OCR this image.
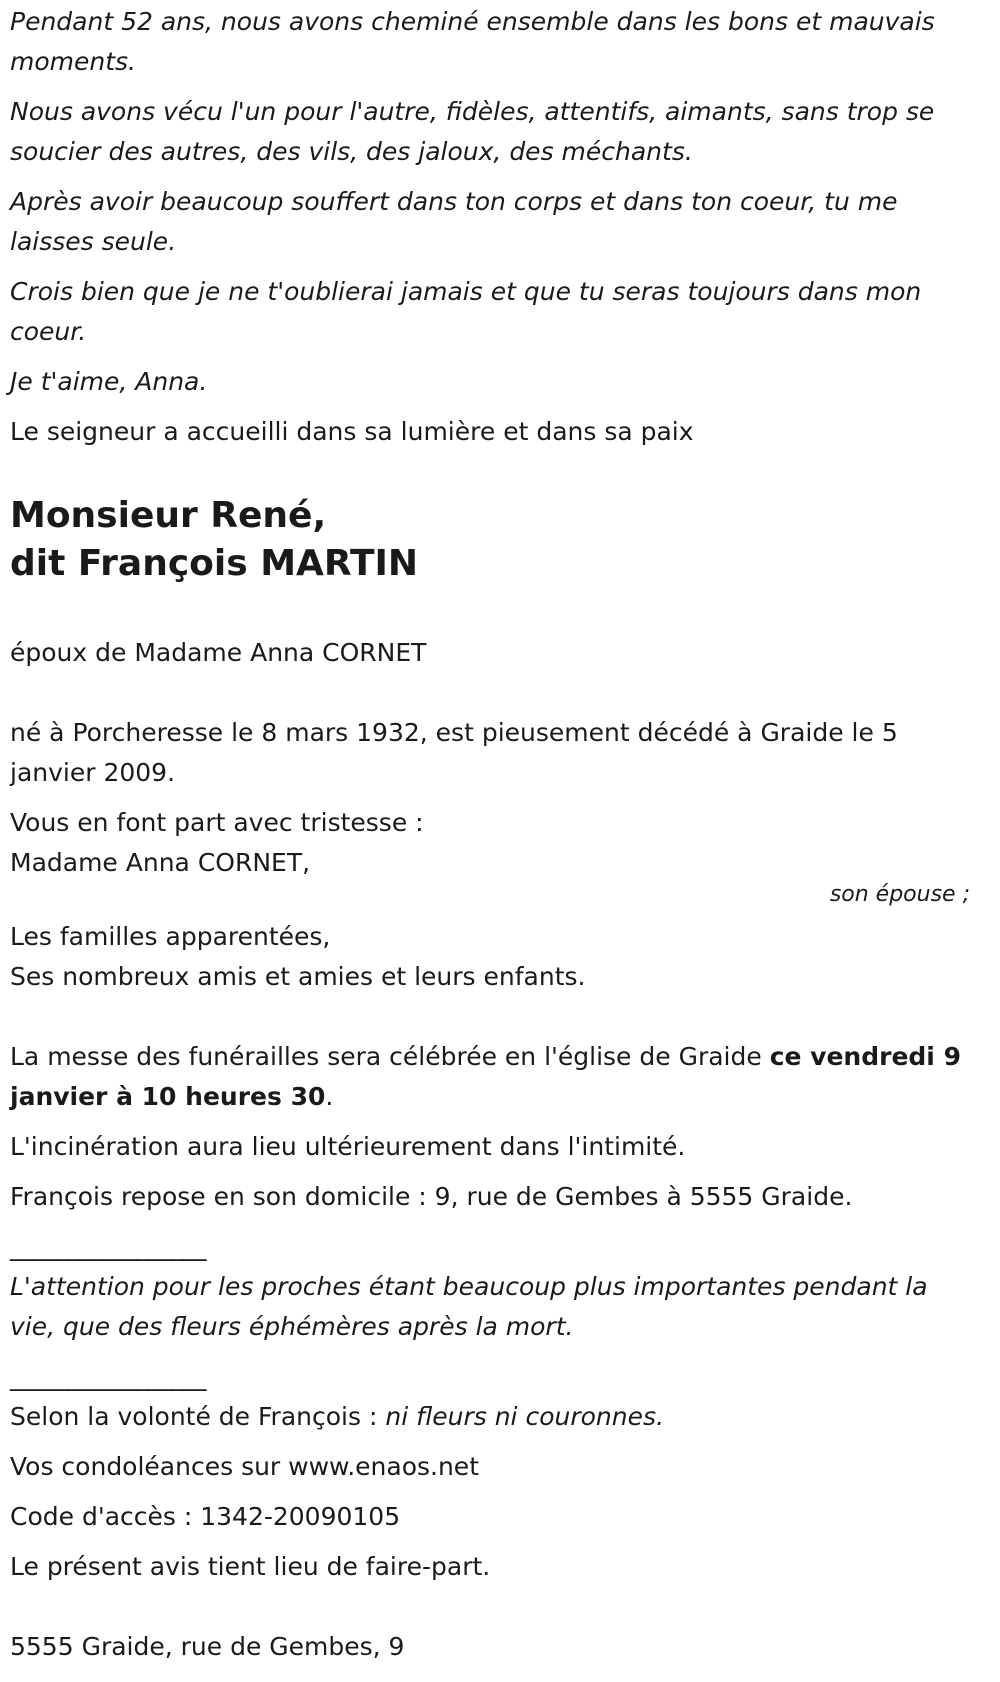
Pendant 52 ans, nous avons cheminé ensemble dans les bons et mauvais moments.

Nous avons vécu l'un pour l'autre, fidèles, attentifs, aimants, sans trop se soucier des autres, des vils, des jaloux, des méchants.

Après avoir beaucoup souffert dans ton corps et dans ton coeur, tu me laisses seule.

Crois bien que je ne t'oublierai jamais et que tu seras toujours dans mon coeur.

Je t'aime, Anna.

Le seigneur a accueilli dans sa lumière et dans sa paix

Monsieur René,
dit François MARTIN

époux de Madame Anna CORNET

né à Porcheresse le 8 mars 1932, est pieusement décédé à Graide le 5 janvier 2009.

Vous en font part avec tristesse :

Madame Anna CORNET,

son épouse ;

Les familles apparentées,

Ses nombreux amis et amies et leurs enfants.

La messe des funérailles sera célébrée en l'église de Graide ce vendredi 9 janvier à 10 heures 30.

L'incinération aura lieu ultérieurement dans l'intimité.

François repose en son domicile : 9, rue de Gembes à 5555 Graide.

_________________

L'attention pour les proches étant beaucoup plus importantes pendant la vie, que des fleurs éphémères après la mort.

_________________

Selon la volonté de François : ni fleurs ni couronnes.

Vos condoléances sur www.enaos.net

Code d'accès : 1342-20090105

Le présent avis tient lieu de faire-part.

5555 Graide, rue de Gembes, 9
